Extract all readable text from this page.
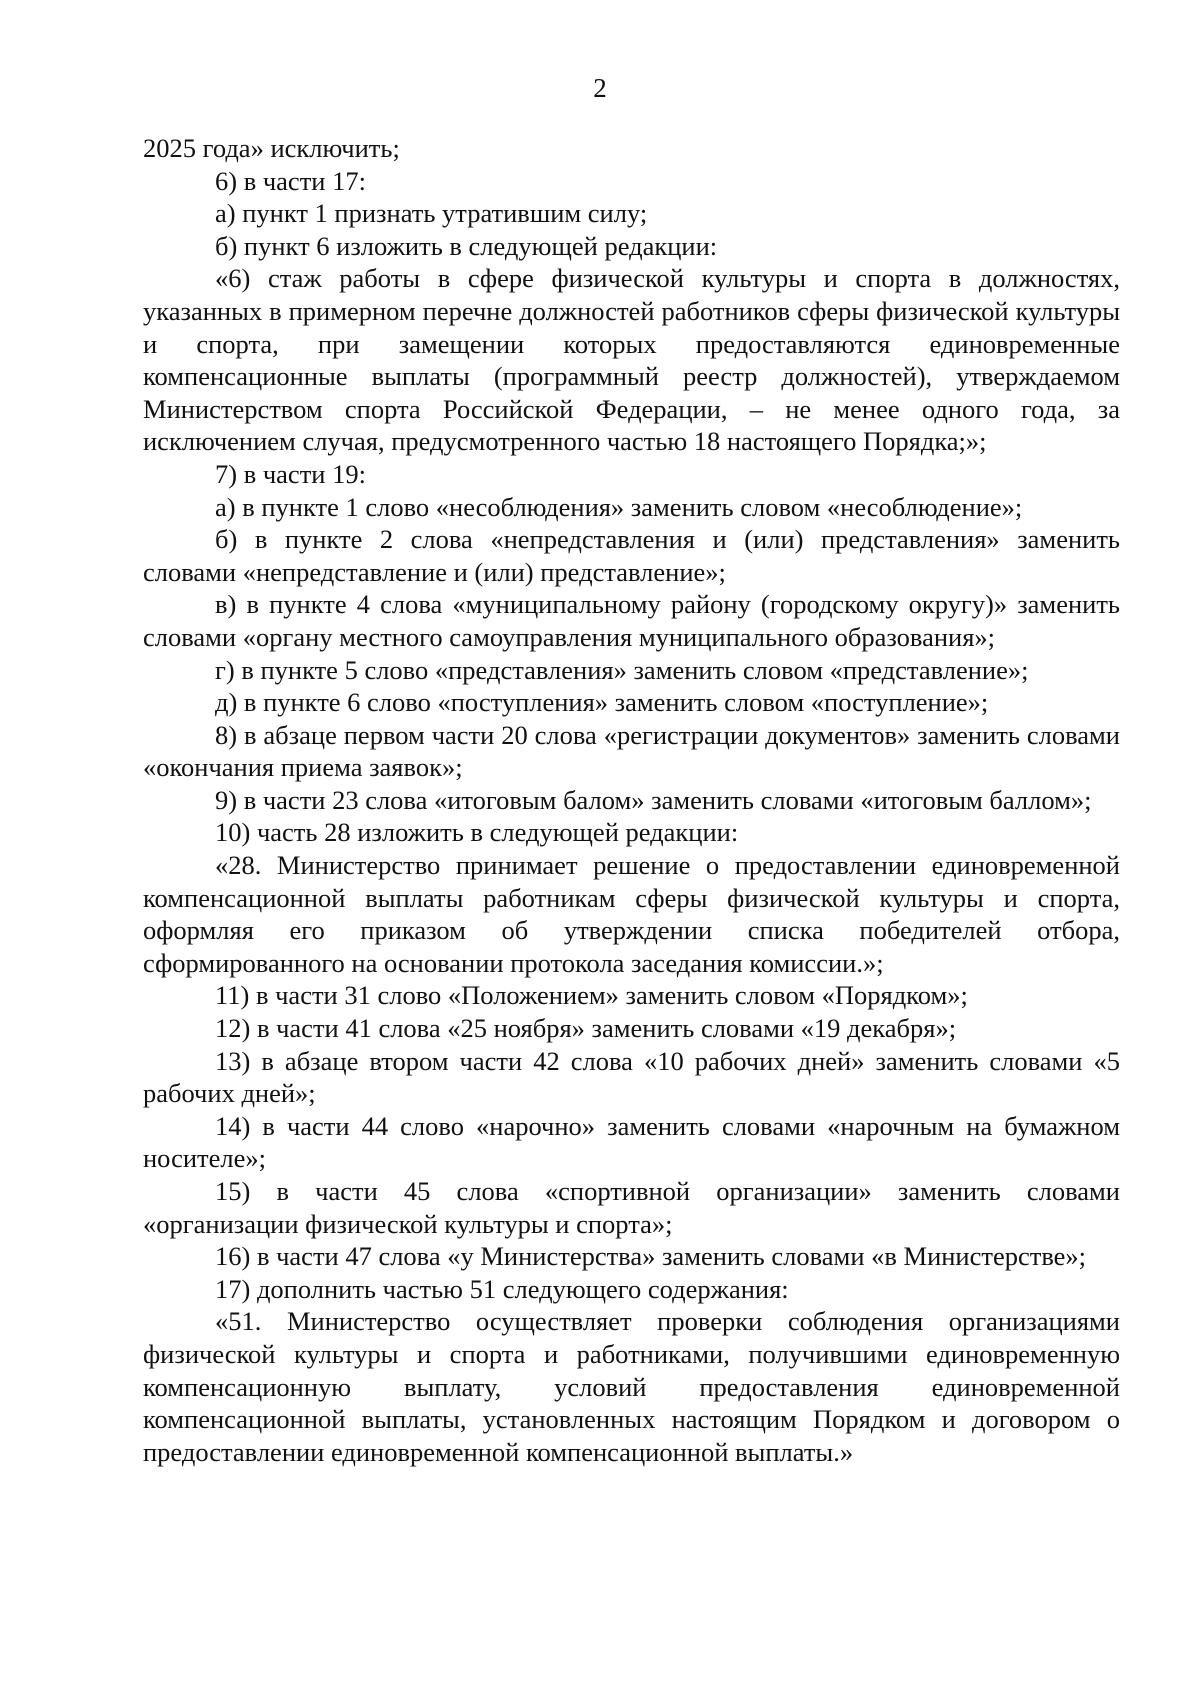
2

2025 года» исключить;

6) в части 17:

а) пункт 1 признать утратившим силу;

б) пункт 6 изложить в следующей редакции:

«6) стаж работы в сфере физической культуры и спорта в должностях, указанных в примерном перечне должностей работников сферы физической культуры и спорта, при замещении которых предоставляются единовременные компенсационные выплаты (программный реестр должностей), утверждаемом Министерством спорта Российской Федерации, – не менее одного года, за исключением случая, предусмотренного частью 18 настоящего Порядка;»;

7) в части 19:

а) в пункте 1 слово «несоблюдения» заменить словом «несоблюдение»;

б) в пункте 2 слова «непредставления и (или) представления» заменить словами «непредставление и (или) представление»;

в) в пункте 4 слова «муниципальному району (городскому округу)» заменить словами «органу местного самоуправления муниципального образования»;

г) в пункте 5 слово «представления» заменить словом «представление»;

д) в пункте 6 слово «поступления» заменить словом «поступление»;

8) в абзаце первом части 20 слова «регистрации документов» заменить словами «окончания приема заявок»;

9) в части 23 слова «итоговым балом» заменить словами «итоговым баллом»;

10) часть 28 изложить в следующей редакции:

«28. Министерство принимает решение о предоставлении единовременной компенсационной выплаты работникам сферы физической культуры и спорта, оформляя его приказом об утверждении списка победителей отбора, сформированного на основании протокола заседания комиссии.»;

11) в части 31 слово «Положением» заменить словом «Порядком»;

12) в части 41 слова «25 ноября» заменить словами «19 декабря»;

13) в абзаце втором части 42 слова «10 рабочих дней» заменить словами «5 рабочих дней»;

14) в части 44 слово «нарочно» заменить словами «нарочным на бумажном носителе»;

15) в части 45 слова «спортивной организации» заменить словами «организации физической культуры и спорта»;

16) в части 47 слова «у Министерства» заменить словами «в Министерстве»;

17) дополнить частью 51 следующего содержания:

«51. Министерство осуществляет проверки соблюдения организациями физической культуры и спорта и работниками, получившими единовременную компенсационную выплату, условий предоставления единовременной компенсационной выплаты, установленных настоящим Порядком и договором о предоставлении единовременной компенсационной выплаты.»
